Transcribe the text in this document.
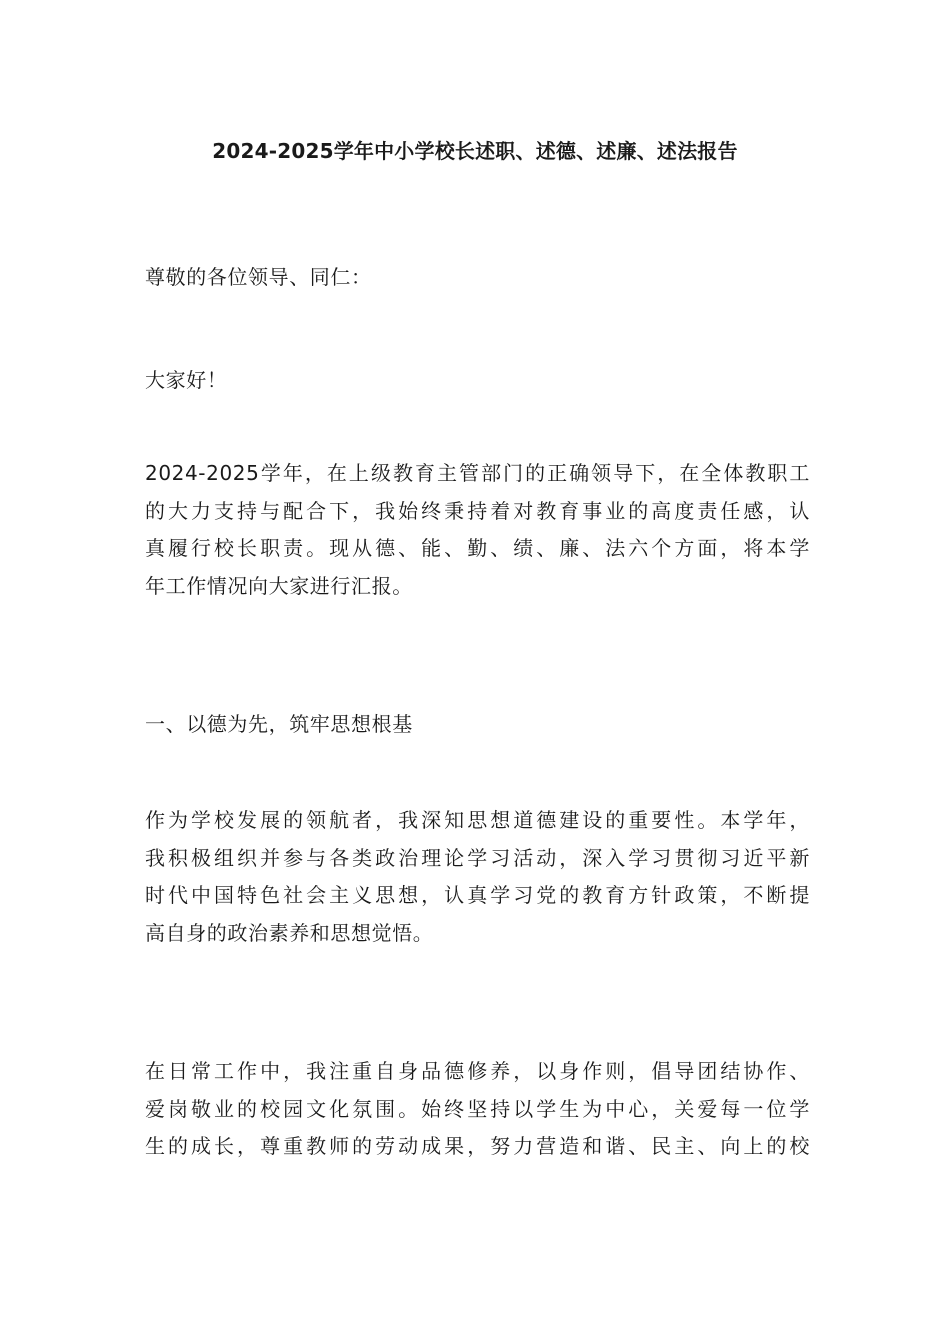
2024-2025学年中小学校长述职、述德、述廉、述法报告
尊敬的各位领导、同仁：
大家好！
2024-2025学年，在上级教育主管部门的正确领导下，在全体教职工
的大力支持与配合下，我始终秉持着对教育事业的高度责任感，认
真履行校长职责。现从德、能、勤、绩、廉、法六个方面，将本学
年工作情况向大家进行汇报。
一、以德为先，筑牢思想根基
作为学校发展的领航者，我深知思想道德建设的重要性。本学年，
我积极组织并参与各类政治理论学习活动，深入学习贯彻习近平新
时代中国特色社会主义思想，认真学习党的教育方针政策，不断提
高自身的政治素养和思想觉悟。
在日常工作中，我注重自身品德修养，以身作则，倡导团结协作、
爱岗敬业的校园文化氛围。始终坚持以学生为中心，关爱每一位学
生的成长，尊重教师的劳动成果，努力营造和谐、民主、向上的校
